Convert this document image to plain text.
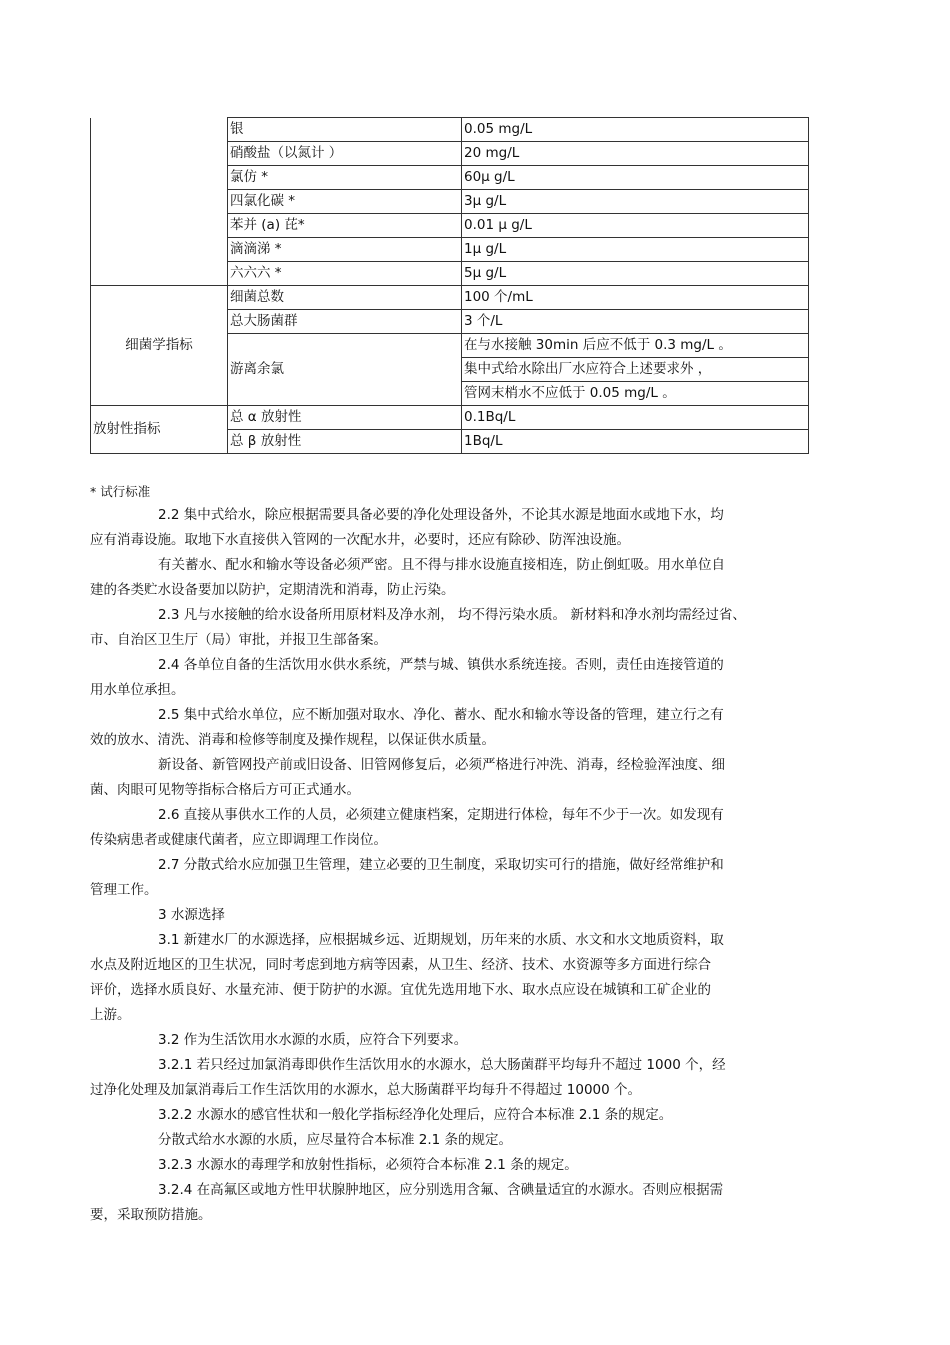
	银	0.05 mg/L
	硝酸盐（以氮计 ）	20 mg/L
	氯仿 *	60μ g/L
	四氯化碳 *	3μ g/L
	苯并 (a) 芘*	0.01 μ g/L
	滴滴涕 *	1μ g/L
	六六六 *	5μ g/L
细菌学指标	细菌总数	100 个/mL
	总大肠菌群	3 个/L
	游离余氯	在与水接触 30min 后应不低于 0.3 mg/L 。
		集中式给水除出厂水应符合上述要求外 ，
		管网末梢水不应低于 0.05 mg/L 。
放射性指标	总 α 放射性	0.1Bq/L
	总 β 放射性	1Bq/L
* 试行标准

2.2 集中式给水，除应根据需要具备必要的净化处理设备外，不论其水源是地面水或地下水，均

应有消毒设施。取地下水直接供入管网的一次配水井，必要时，还应有除砂、防浑浊设施。

有关蓄水、配水和输水等设备必须严密。且不得与排水设施直接相连，防止倒虹吸。用水单位自

建的各类贮水设备要加以防护，定期清洗和消毒，防止污染。

2.3 凡与水接触的给水设备所用原材料及净水剂， 均不得污染水质。 新材料和净水剂均需经过省、

市、自治区卫生厅（局）审批，并报卫生部备案。

2.4 各单位自备的生活饮用水供水系统，严禁与城、镇供水系统连接。否则，责任由连接管道的

用水单位承担。

2.5 集中式给水单位，应不断加强对取水、净化、蓄水、配水和输水等设备的管理，建立行之有

效的放水、清洗、消毒和检修等制度及操作规程，以保证供水质量。

新设备、新管网投产前或旧设备、旧管网修复后，必须严格进行冲洗、消毒，经检验浑浊度、细

菌、肉眼可见物等指标合格后方可正式通水。

2.6 直接从事供水工作的人员，必须建立健康档案，定期进行体检，每年不少于一次。如发现有

传染病患者或健康代菌者，应立即调理工作岗位。

2.7 分散式给水应加强卫生管理，建立必要的卫生制度，采取切实可行的措施，做好经常维护和

管理工作。

3 水源选择

3.1 新建水厂的水源选择，应根据城乡远、近期规划，历年来的水质、水文和水文地质资料，取

水点及附近地区的卫生状况，同时考虑到地方病等因素，从卫生、经济、技术、水资源等多方面进行综合

评价，选择水质良好、水量充沛、便于防护的水源。宜优先选用地下水、取水点应设在城镇和工矿企业的

上游。

3.2 作为生活饮用水水源的水质，应符合下列要求。

3.2.1 若只经过加氯消毒即供作生活饮用水的水源水，总大肠菌群平均每升不超过 1000 个，经

过净化处理及加氯消毒后工作生活饮用的水源水，总大肠菌群平均每升不得超过 10000 个。

3.2.2 水源水的感官性状和一般化学指标经净化处理后，应符合本标准 2.1 条的规定。

分散式给水水源的水质，应尽量符合本标准 2.1 条的规定。

3.2.3 水源水的毒理学和放射性指标，必须符合本标准 2.1 条的规定。

3.2.4 在高氟区或地方性甲状腺肿地区，应分别选用含氟、含碘量适宜的水源水。否则应根据需

要，采取预防措施。
